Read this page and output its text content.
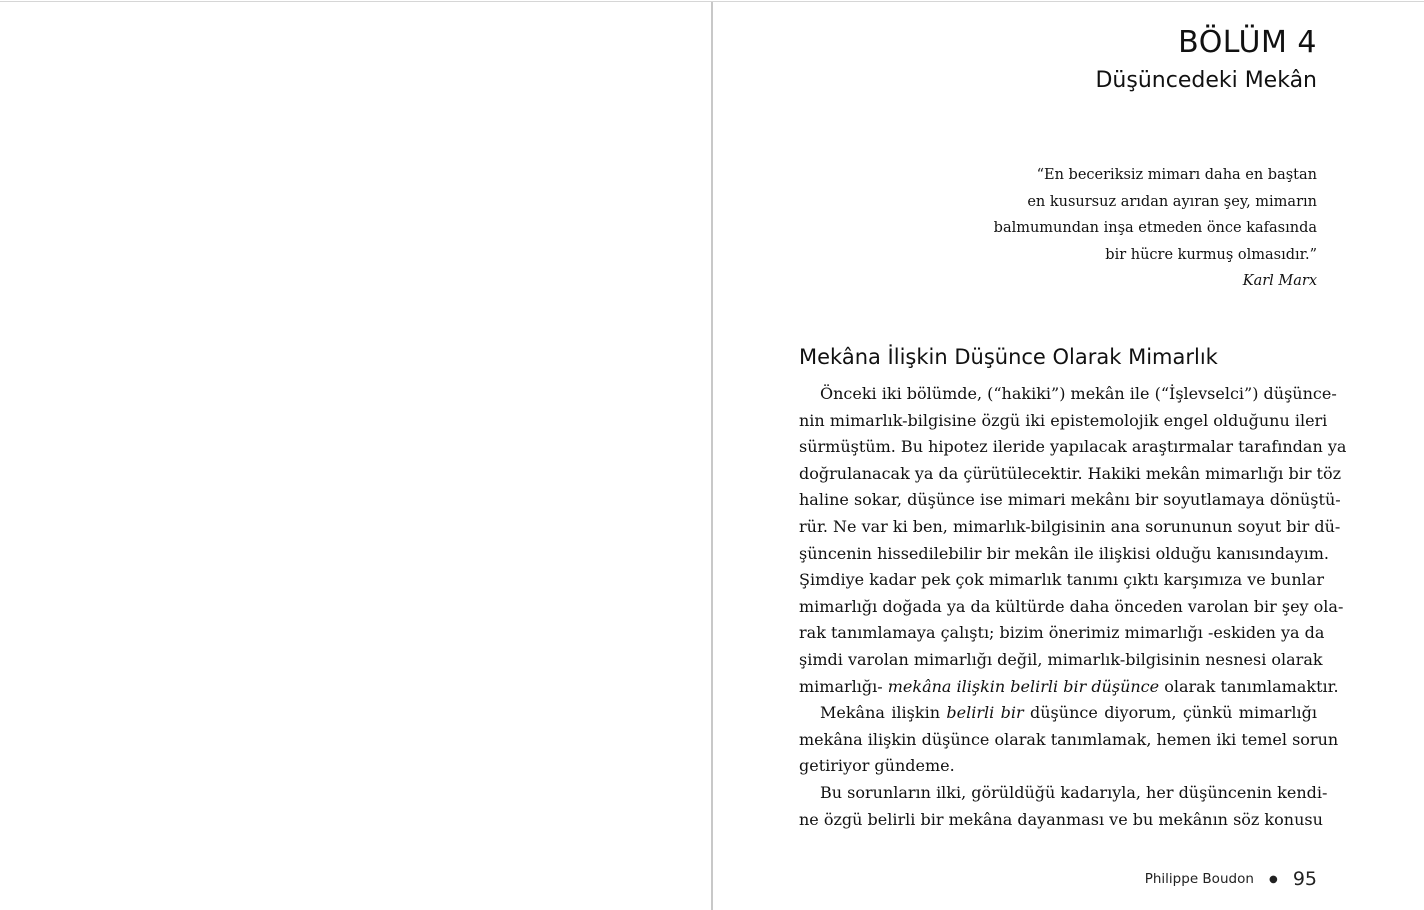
BÖLÜM 4
Düşüncedeki Mekân
“En beceriksiz mimarı daha en baştan
en kusursuz arıdan ayıran şey, mimarın
balmumundan inşa etmeden önce kafasında
bir hücre kurmuş olmasıdır.”
Karl Marx
Mekâna İlişkin Düşünce Olarak Mimarlık
Önceki iki bölümde, (“hakiki”) mekân ile (“İşlevselci”) düşünce-
nin mimarlık-bilgisine özgü iki epistemolojik engel olduğunu ileri
sürmüştüm. Bu hipotez ileride yapılacak araştırmalar tarafından ya
doğrulanacak ya da çürütülecektir. Hakiki mekân mimarlığı bir töz
haline sokar, düşünce ise mimari mekânı bir soyutlamaya dönüştü-
rür. Ne var ki ben, mimarlık-bilgisinin ana sorununun soyut bir dü-
şüncenin hissedilebilir bir mekân ile ilişkisi olduğu kanısındayım.
Şimdiye kadar pek çok mimarlık tanımı çıktı karşımıza ve bunlar
mimarlığı doğada ya da kültürde daha önceden varolan bir şey ola-
rak tanımlamaya çalıştı; bizim önerimiz mimarlığı -eskiden ya da
şimdi varolan mimarlığı değil, mimarlık-bilgisinin nesnesi olarak
mimarlığı- mekâna ilişkin belirli bir düşünce olarak tanımlamaktır.
Mekâna ilişkin belirli bir düşünce diyorum, çünkü mimarlığı
mekâna ilişkin düşünce olarak tanımlamak, hemen iki temel sorun
getiriyor gündeme.
Bu sorunların ilki, görüldüğü kadarıyla, her düşüncenin kendi-
ne özgü belirli bir mekâna dayanması ve bu mekânın söz konusu
Philippe Boudon ● 95
